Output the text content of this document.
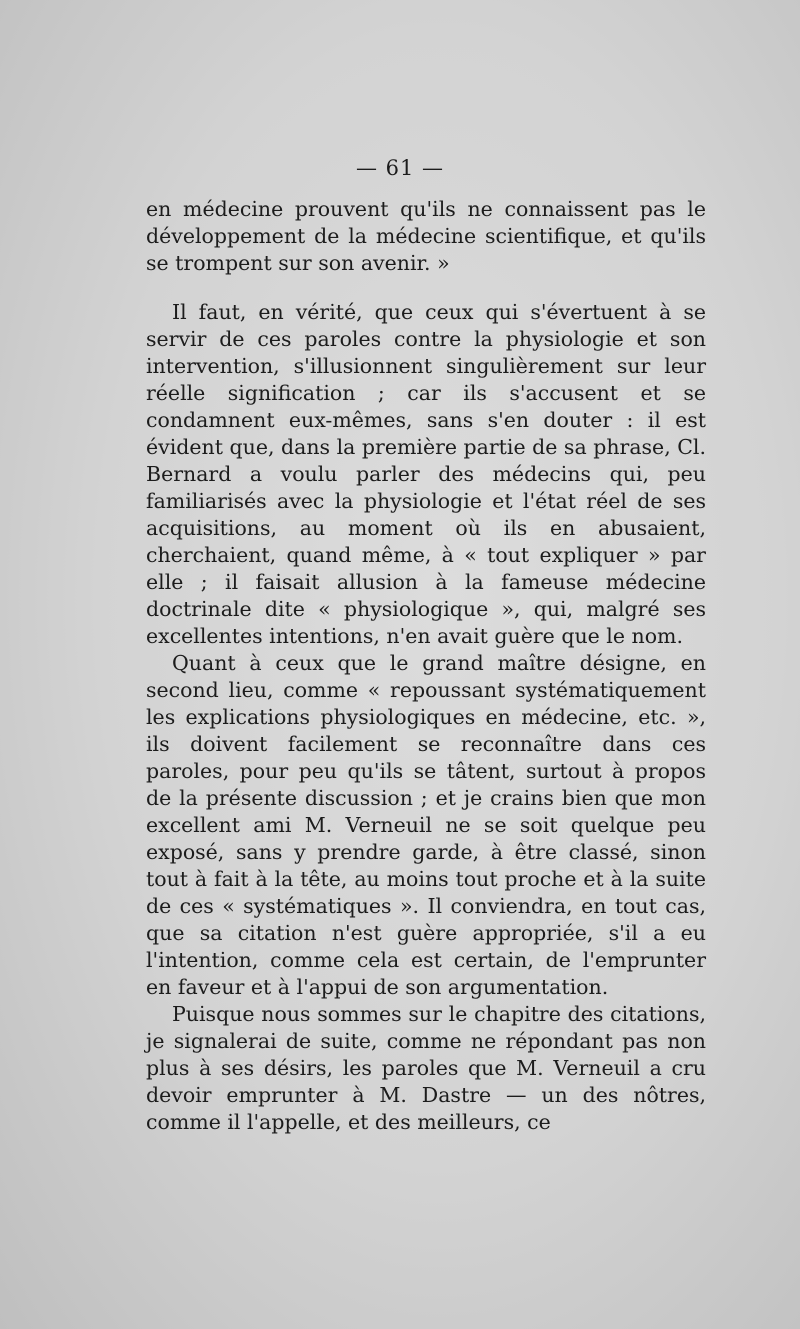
— 61 —

en médecine prouvent qu'ils ne connaissent pas le développement de la médecine scientifique, et qu'ils se trompent sur son avenir. »

Il faut, en vérité, que ceux qui s'évertuent à se servir de ces paroles contre la physiologie et son intervention, s'illusionnent singulièrement sur leur réelle signification ; car ils s'accusent et se condamnent eux-mêmes, sans s'en douter : il est évident que, dans la première partie de sa phrase, Cl. Bernard a voulu parler des médecins qui, peu familiarisés avec la physiologie et l'état réel de ses acquisitions, au moment où ils en abusaient, cherchaient, quand même, à « tout expliquer » par elle ; il faisait allusion à la fameuse médecine doctrinale dite « physiologique », qui, malgré ses excellentes intentions, n'en avait guère que le nom.

Quant à ceux que le grand maître désigne, en second lieu, comme « repoussant systématiquement les explications physiologiques en médecine, etc. », ils doivent facilement se reconnaître dans ces paroles, pour peu qu'ils se tâtent, surtout à propos de la présente discussion ; et je crains bien que mon excellent ami M. Verneuil ne se soit quelque peu exposé, sans y prendre garde, à être classé, sinon tout à fait à la tête, au moins tout proche et à la suite de ces « systématiques ». Il conviendra, en tout cas, que sa citation n'est guère appropriée, s'il a eu l'intention, comme cela est certain, de l'emprunter en faveur et à l'appui de son argumentation.

Puisque nous sommes sur le chapitre des citations, je signalerai de suite, comme ne répondant pas non plus à ses désirs, les paroles que M. Verneuil a cru devoir emprunter à M. Dastre — un des nôtres, comme il l'appelle, et des meilleurs, ce
